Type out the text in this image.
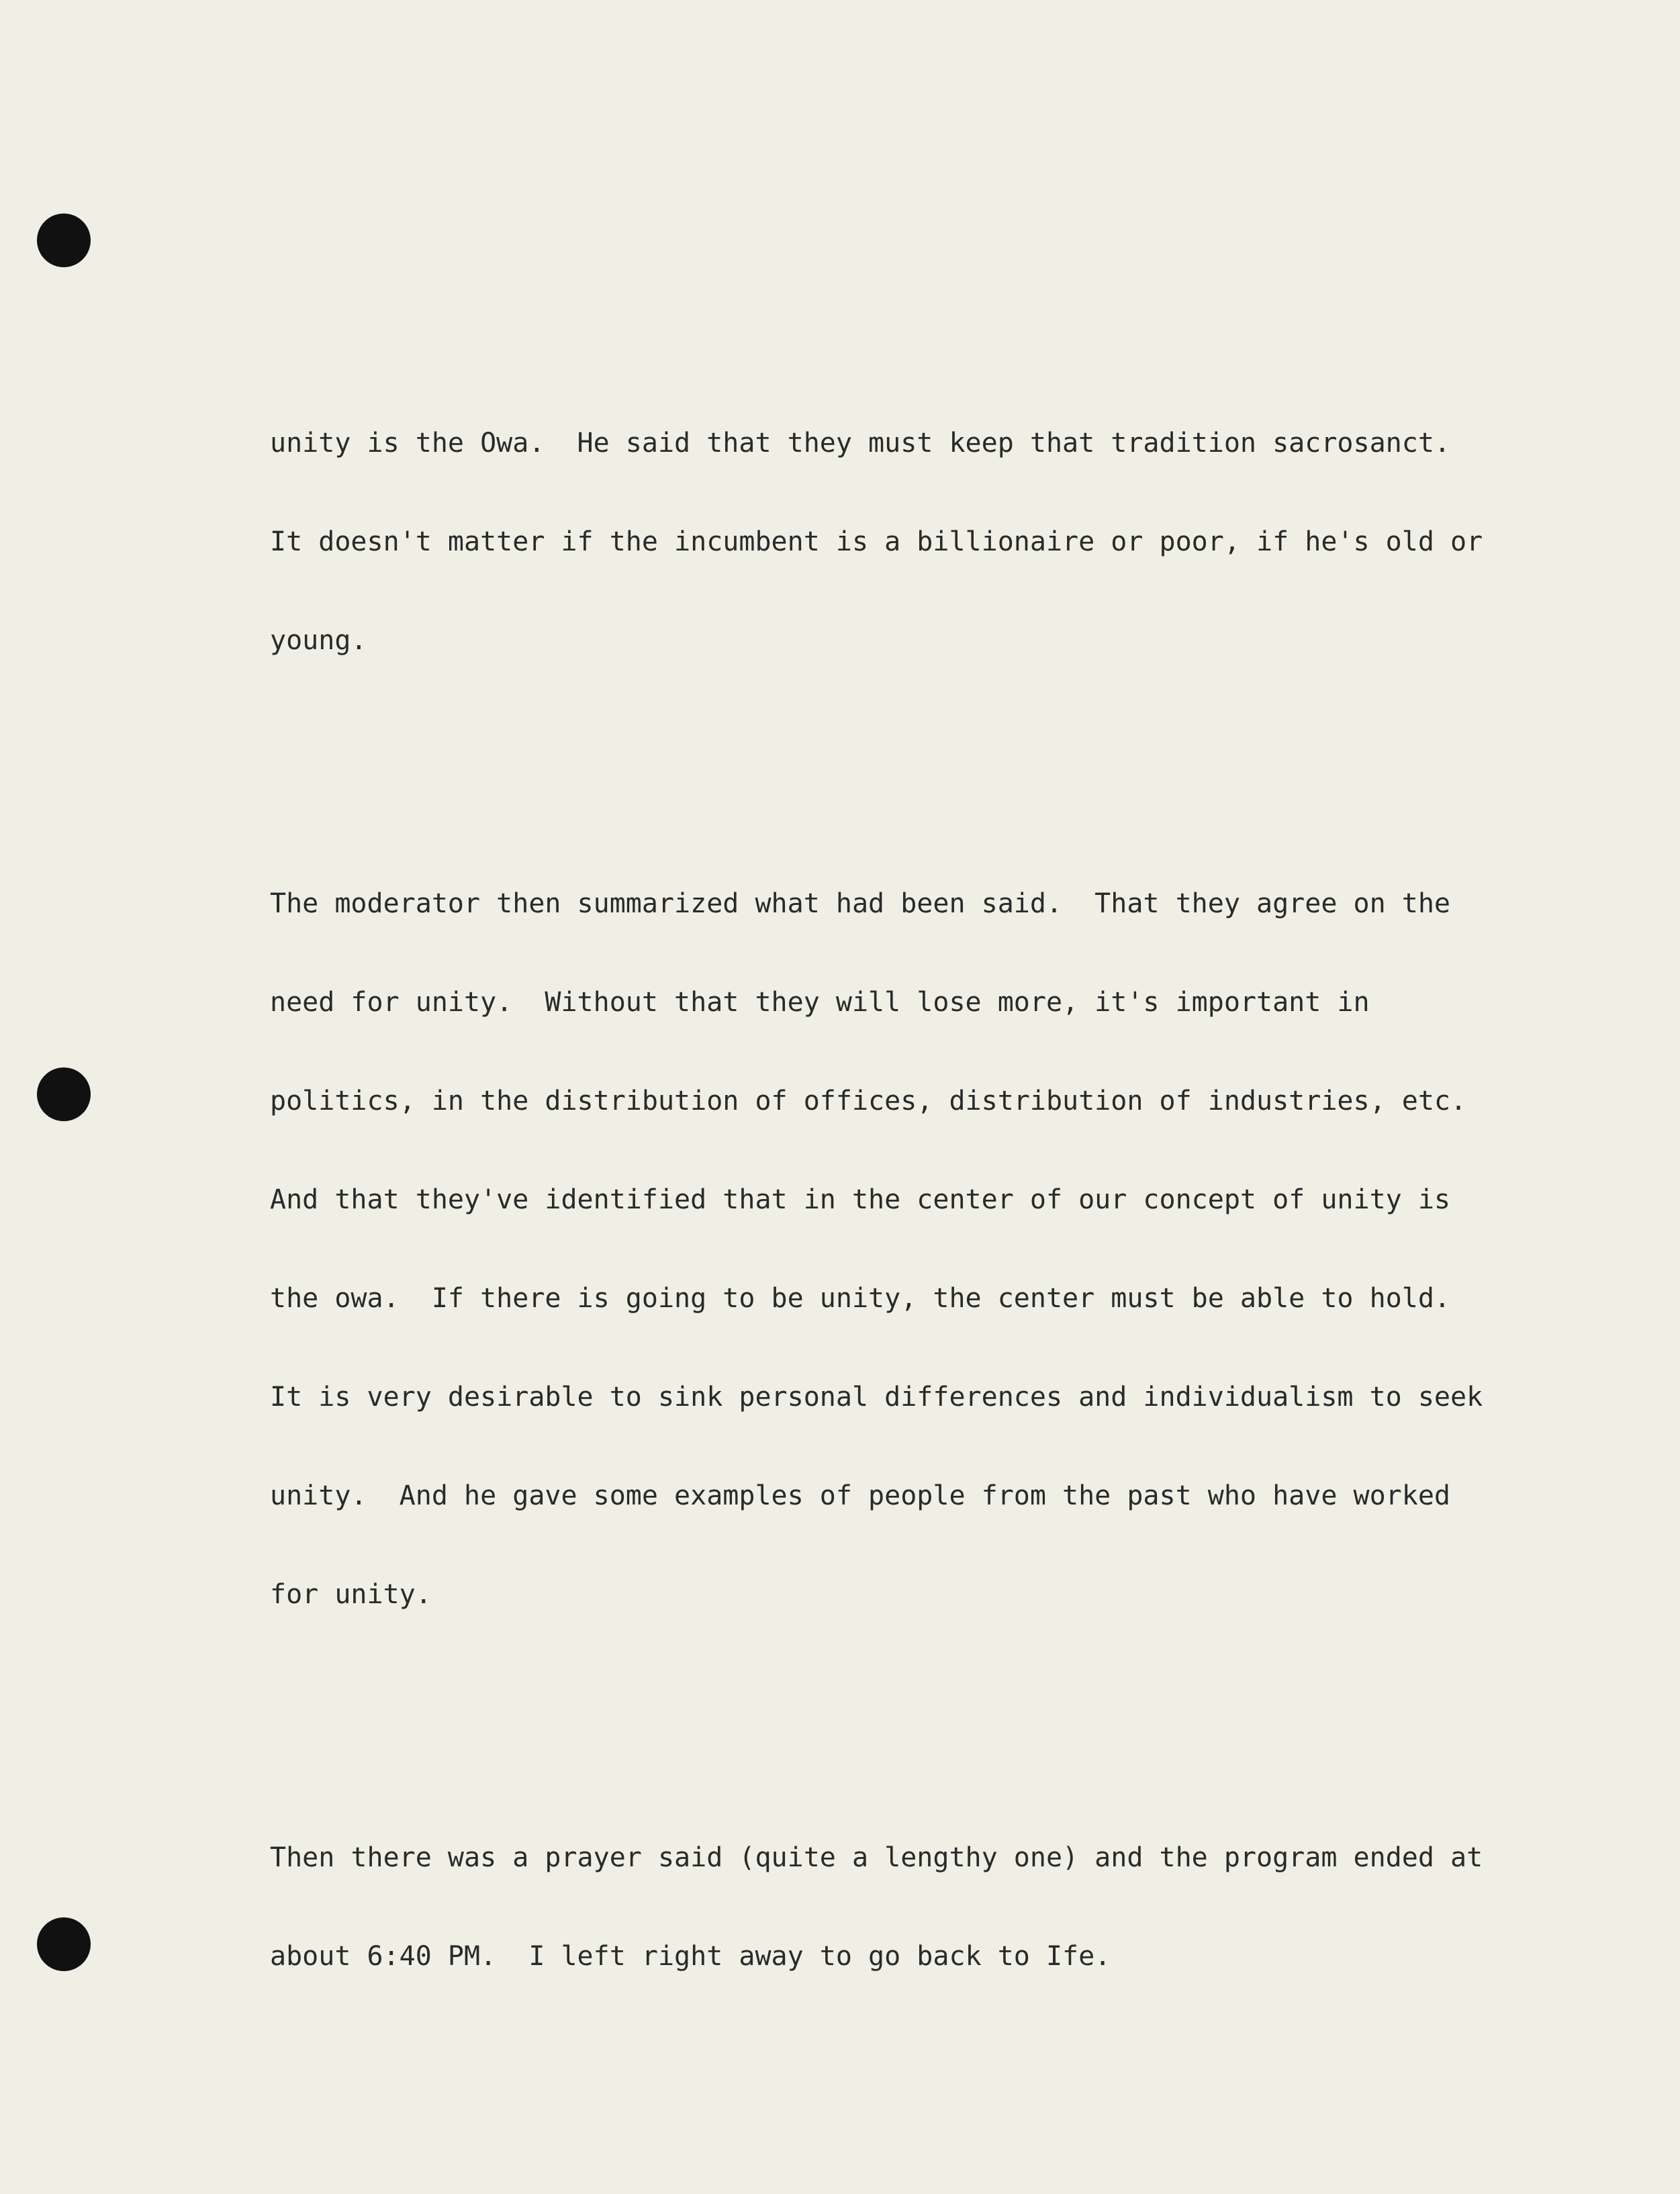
unity is the Owa.  He said that they must keep that tradition sacrosanct.

It doesn't matter if the incumbent is a billionaire or poor, if he's old or

young.

The moderator then summarized what had been said.  That they agree on the

need for unity.  Without that they will lose more, it's important in

politics, in the distribution of offices, distribution of industries, etc.

And that they've identified that in the center of our concept of unity is

the owa.  If there is going to be unity, the center must be able to hold.

It is very desirable to sink personal differences and individualism to seek

unity.  And he gave some examples of people from the past who have worked

for unity.

Then there was a prayer said (quite a lengthy one) and the program ended at

about 6:40 PM.  I left right away to go back to Ife.
